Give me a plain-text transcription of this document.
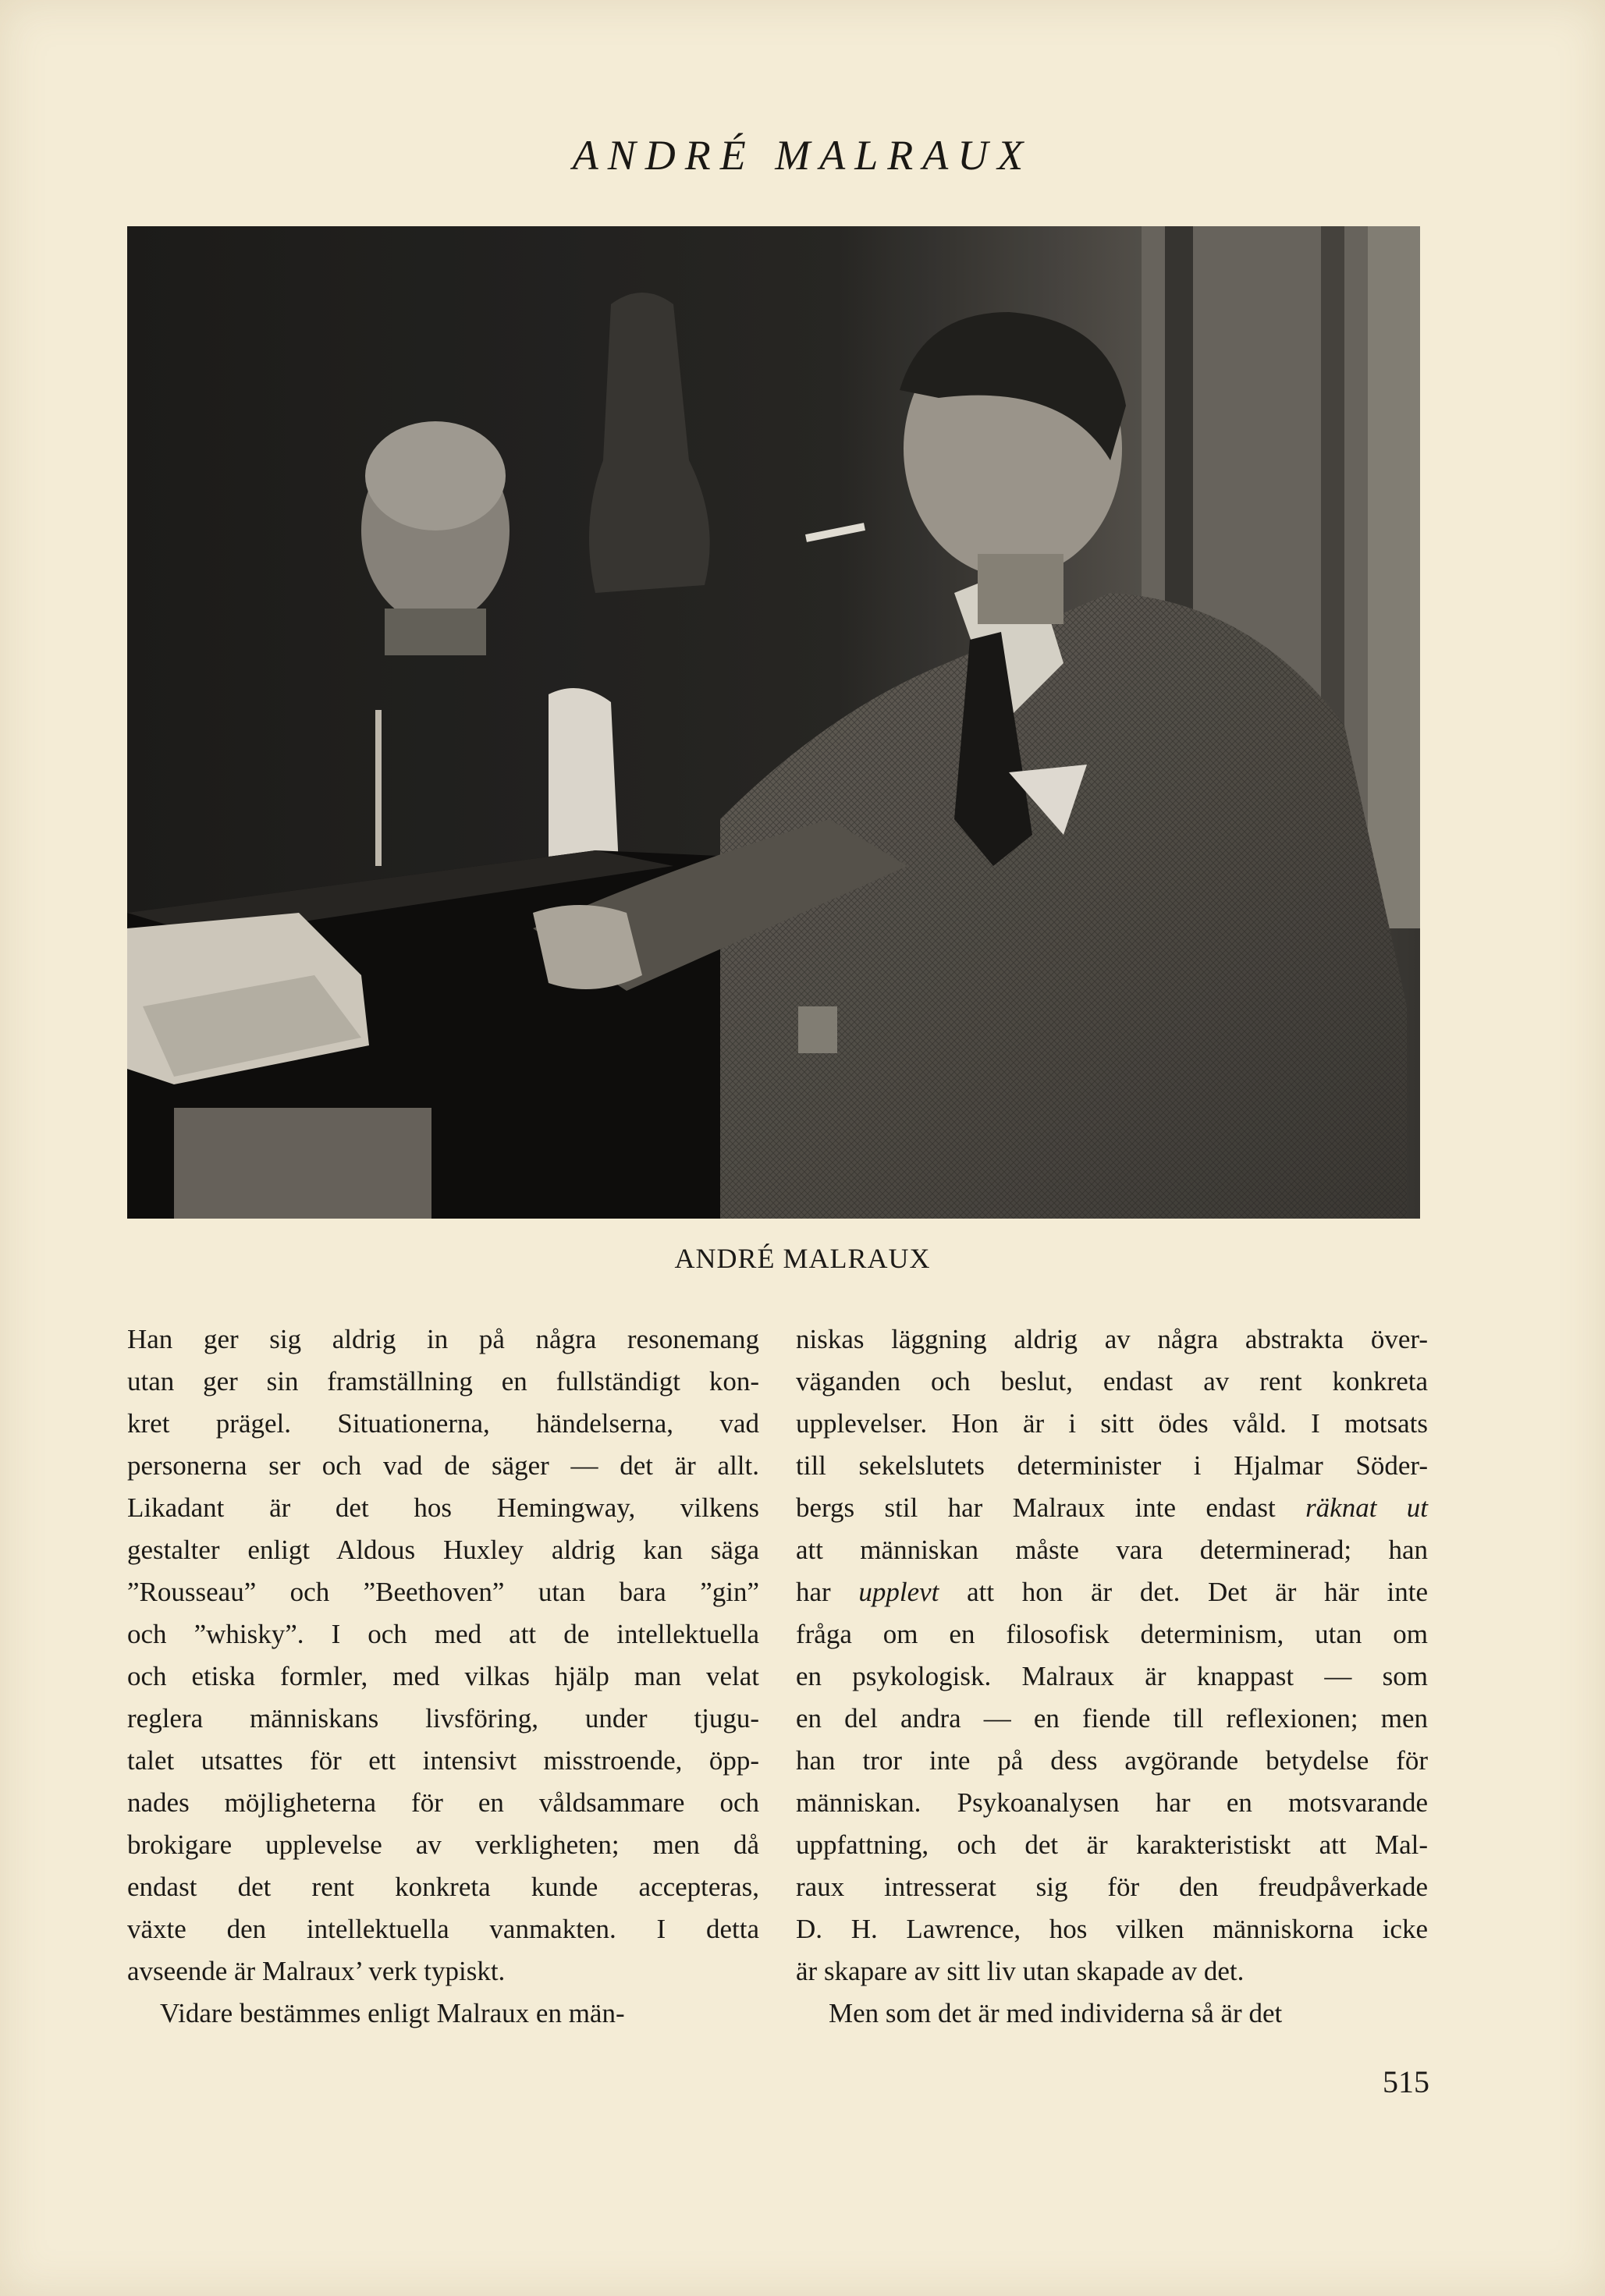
ANDRÉ MALRAUX
ANDRÉ MALRAUX
Han ger sig aldrig in på några resonemang
utan ger sin framställning en fullständigt kon-
kret prägel. Situationerna, händelserna, vad
personerna ser och vad de säger — det är allt.
Likadant är det hos Hemingway, vilkens
gestalter enligt Aldous Huxley aldrig kan säga
”Rousseau” och ”Beethoven” utan bara ”gin”
och ”whisky”. I och med att de intellektuella
och etiska formler, med vilkas hjälp man velat
reglera människans livsföring, under tjugu-
talet utsattes för ett intensivt misstroende, öpp-
nades möjligheterna för en våldsammare och
brokigare upplevelse av verkligheten; men då
endast det rent konkreta kunde accepteras,
växte den intellektuella vanmakten. I detta
avseende är Malraux’ verk typiskt.
Vidare bestämmes enligt Malraux en män-
niskas läggning aldrig av några abstrakta över-
väganden och beslut, endast av rent konkreta
upplevelser. Hon är i sitt ödes våld. I motsats
till sekelslutets determinister i Hjalmar Söder-
bergs stil har Malraux inte endast räknat ut
att människan måste vara determinerad; han
har upplevt att hon är det. Det är här inte
fråga om en filosofisk determinism, utan om
en psykologisk. Malraux är knappast — som
en del andra — en fiende till reflexionen; men
han tror inte på dess avgörande betydelse för
människan. Psykoanalysen har en motsvarande
uppfattning, och det är karakteristiskt att Mal-
raux intresserat sig för den freudpåverkade
D. H. Lawrence, hos vilken människorna icke
är skapare av sitt liv utan skapade av det.
Men som det är med individerna så är det
515
